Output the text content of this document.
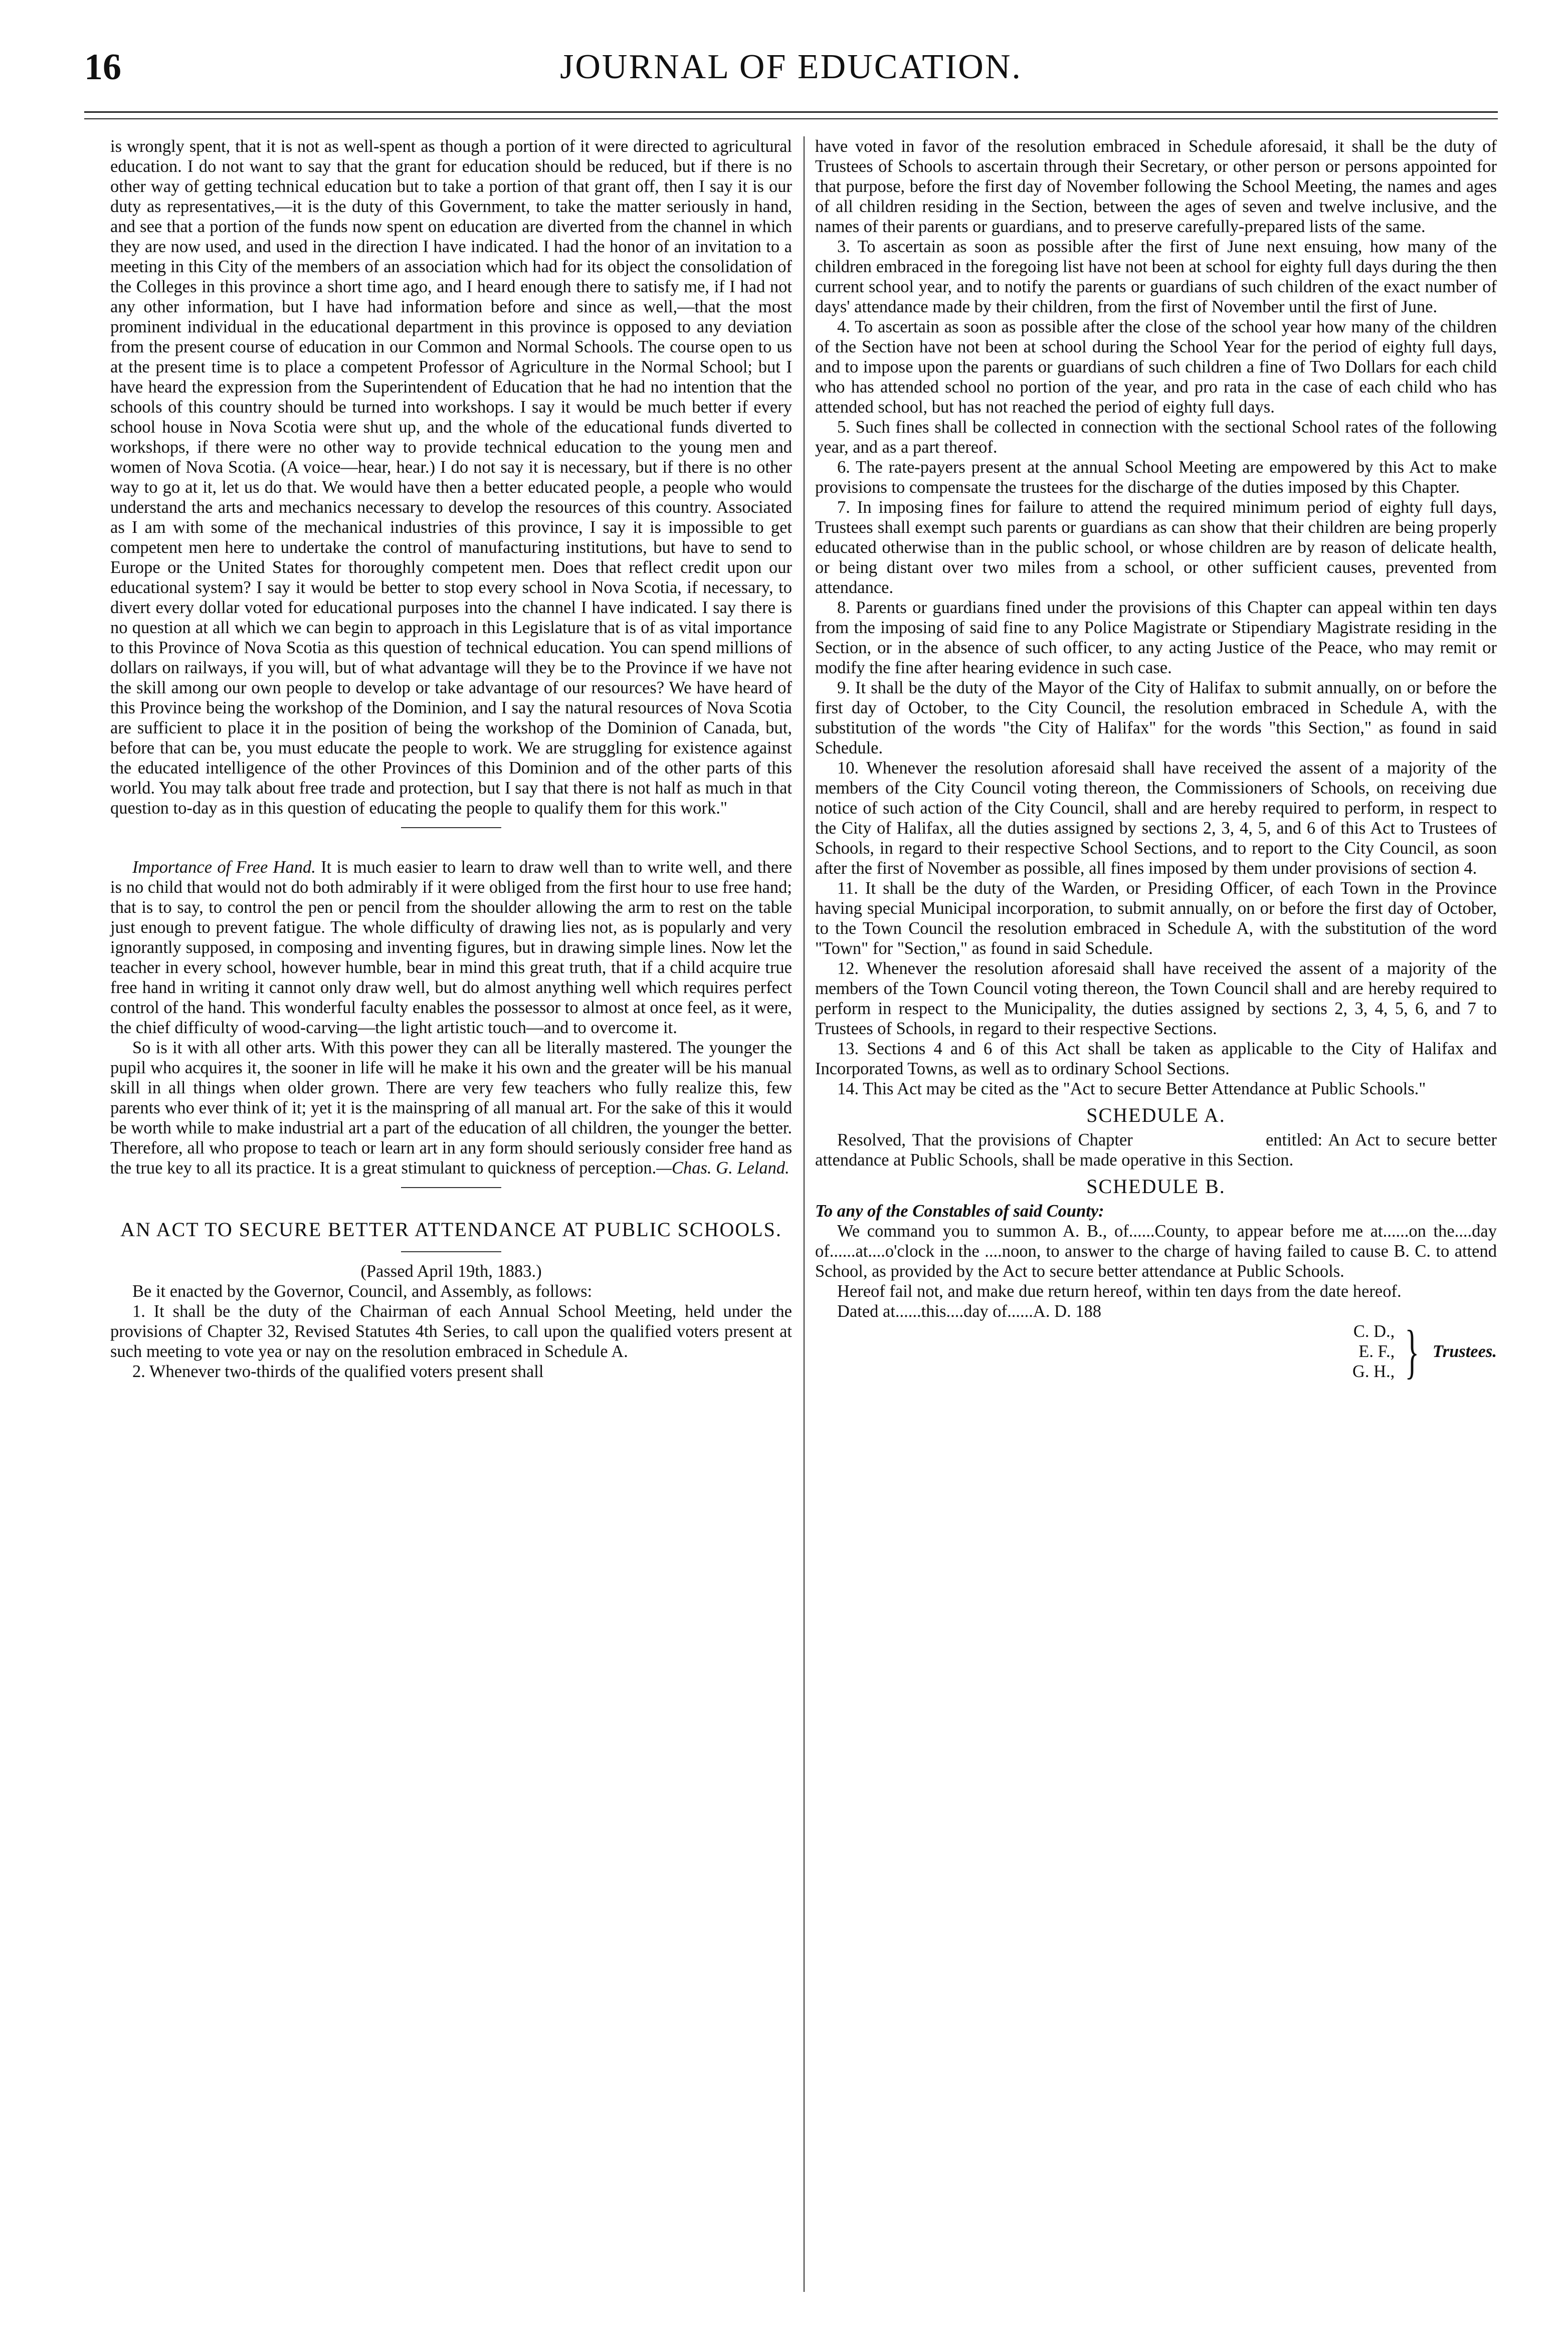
16	JOURNAL OF EDUCATION.

is wrongly spent, that it is not as well-spent as though a portion of it were directed to agricultural education. I do not want to say that the grant for education should be reduced, but if there is no other way of getting technical education but to take a portion of that grant off, then I say it is our duty as representatives,—it is the duty of this Government, to take the matter seriously in hand, and see that a portion of the funds now spent on education are diverted from the channel in which they are now used, and used in the direction I have indicated. I had the honor of an invitation to a meeting in this City of the members of an association which had for its object the consolidation of the Colleges in this province a short time ago, and I heard enough there to satisfy me, if I had not any other information, but I have had information before and since as well,—that the most prominent individual in the educational department in this province is opposed to any deviation from the present course of education in our Common and Normal Schools. The course open to us at the present time is to place a competent Professor of Agriculture in the Normal School; but I have heard the expression from the Superintendent of Education that he had no intention that the schools of this country should be turned into workshops. I say it would be much better if every school house in Nova Scotia were shut up, and the whole of the educational funds diverted to workshops, if there were no other way to provide technical education to the young men and women of Nova Scotia. (A voice—hear, hear.) I do not say it is necessary, but if there is no other way to go at it, let us do that. We would have then a better educated people, a people who would understand the arts and mechanics necessary to develop the resources of this country. Associated as I am with some of the mechanical industries of this province, I say it is impossible to get competent men here to undertake the control of manufacturing institutions, but have to send to Europe or the United States for thoroughly competent men. Does that reflect credit upon our educational system? I say it would be better to stop every school in Nova Scotia, if necessary, to divert every dollar voted for educational purposes into the channel I have indicated. I say there is no question at all which we can begin to approach in this Legislature that is of as vital importance to this Province of Nova Scotia as this question of technical education. You can spend millions of dollars on railways, if you will, but of what advantage will they be to the Province if we have not the skill among our own people to develop or take advantage of our resources? We have heard of this Province being the workshop of the Dominion, and I say the natural resources of Nova Scotia are sufficient to place it in the position of being the workshop of the Dominion of Canada, but, before that can be, you must educate the people to work. We are struggling for existence against the educated intelligence of the other Provinces of this Dominion and of the other parts of this world. You may talk about free trade and protection, but I say that there is not half as much in that question to-day as in this question of educating the people to qualify them for this work."

Importance of Free Hand. It is much easier to learn to draw well than to write well, and there is no child that would not do both admirably if it were obliged from the first hour to use free hand; that is to say, to control the pen or pencil from the shoulder allowing the arm to rest on the table just enough to prevent fatigue. The whole difficulty of drawing lies not, as is popularly and very ignorantly supposed, in composing and inventing figures, but in drawing simple lines. Now let the teacher in every school, however humble, bear in mind this great truth, that if a child acquire true free hand in writing it cannot only draw well, but do almost anything well which requires perfect control of the hand. This wonderful faculty enables the possessor to almost at once feel, as it were, the chief difficulty of wood-carving—the light artistic touch—and to overcome it.

So is it with all other arts. With this power they can all be literally mastered. The younger the pupil who acquires it, the sooner in life will he make it his own and the greater will be his manual skill in all things when older grown. There are very few teachers who fully realize this, few parents who ever think of it; yet it is the mainspring of all manual art. For the sake of this it would be worth while to make industrial art a part of the education of all children, the younger the better. Therefore, all who propose to teach or learn art in any form should seriously consider free hand as the true key to all its practice. It is a great stimulant to quickness of perception.—Chas. G. Leland.

AN ACT TO SECURE BETTER ATTENDANCE AT PUBLIC SCHOOLS.

(Passed April 19th, 1883.)

Be it enacted by the Governor, Council, and Assembly, as follows:

1. It shall be the duty of the Chairman of each Annual School Meeting, held under the provisions of Chapter 32, Revised Statutes 4th Series, to call upon the qualified voters present at such meeting to vote yea or nay on the resolution embraced in Schedule A.

2. Whenever two-thirds of the qualified voters present shall

have voted in favor of the resolution embraced in Schedule aforesaid, it shall be the duty of Trustees of Schools to ascertain through their Secretary, or other person or persons appointed for that purpose, before the first day of November following the School Meeting, the names and ages of all children residing in the Section, between the ages of seven and twelve inclusive, and the names of their parents or guardians, and to preserve carefully-prepared lists of the same.

3. To ascertain as soon as possible after the first of June next ensuing, how many of the children embraced in the foregoing list have not been at school for eighty full days during the then current school year, and to notify the parents or guardians of such children of the exact number of days' attendance made by their children, from the first of November until the first of June.

4. To ascertain as soon as possible after the close of the school year how many of the children of the Section have not been at school during the School Year for the period of eighty full days, and to impose upon the parents or guardians of such children a fine of Two Dollars for each child who has attended school no portion of the year, and pro rata in the case of each child who has attended school, but has not reached the period of eighty full days.

5. Such fines shall be collected in connection with the sectional School rates of the following year, and as a part thereof.

6. The rate-payers present at the annual School Meeting are empowered by this Act to make provisions to compensate the trustees for the discharge of the duties imposed by this Chapter.

7. In imposing fines for failure to attend the required minimum period of eighty full days, Trustees shall exempt such parents or guardians as can show that their children are being properly educated otherwise than in the public school, or whose children are by reason of delicate health, or being distant over two miles from a school, or other sufficient causes, prevented from attendance.

8. Parents or guardians fined under the provisions of this Chapter can appeal within ten days from the imposing of said fine to any Police Magistrate or Stipendiary Magistrate residing in the Section, or in the absence of such officer, to any acting Justice of the Peace, who may remit or modify the fine after hearing evidence in such case.

9. It shall be the duty of the Mayor of the City of Halifax to submit annually, on or before the first day of October, to the City Council, the resolution embraced in Schedule A, with the substitution of the words "the City of Halifax" for the words "this Section," as found in said Schedule.

10. Whenever the resolution aforesaid shall have received the assent of a majority of the members of the City Council voting thereon, the Commissioners of Schools, on receiving due notice of such action of the City Council, shall and are hereby required to perform, in respect to the City of Halifax, all the duties assigned by sections 2, 3, 4, 5, and 6 of this Act to Trustees of Schools, in regard to their respective School Sections, and to report to the City Council, as soon after the first of November as possible, all fines imposed by them under provisions of section 4.

11. It shall be the duty of the Warden, or Presiding Officer, of each Town in the Province having special Municipal incorporation, to submit annually, on or before the first day of October, to the Town Council the resolution embraced in Schedule A, with the substitution of the word "Town" for "Section," as found in said Schedule.

12. Whenever the resolution aforesaid shall have received the assent of a majority of the members of the Town Council voting thereon, the Town Council shall and are hereby required to perform in respect to the Municipality, the duties assigned by sections 2, 3, 4, 5, 6, and 7 to Trustees of Schools, in regard to their respective Sections.

13. Sections 4 and 6 of this Act shall be taken as applicable to the City of Halifax and Incorporated Towns, as well as to ordinary School Sections.

14. This Act may be cited as the "Act to secure Better Attendance at Public Schools."

SCHEDULE A.

Resolved, That the provisions of Chapter                    entitled: An Act to secure better attendance at Public Schools, shall be made operative in this Section.

SCHEDULE B.

To any of the Constables of said County:

We command you to summon A. B., of......County, to appear before me at......on the....day of......at....o'clock in the ....noon, to answer to the charge of having failed to cause B. C. to attend School, as provided by the Act to secure better attendance at Public Schools.

Hereof fail not, and make due return hereof, within ten days from the date hereof.

Dated at......this....day of......A. D. 188

C. D.,
E. F.,
G. H., } Trustees.
